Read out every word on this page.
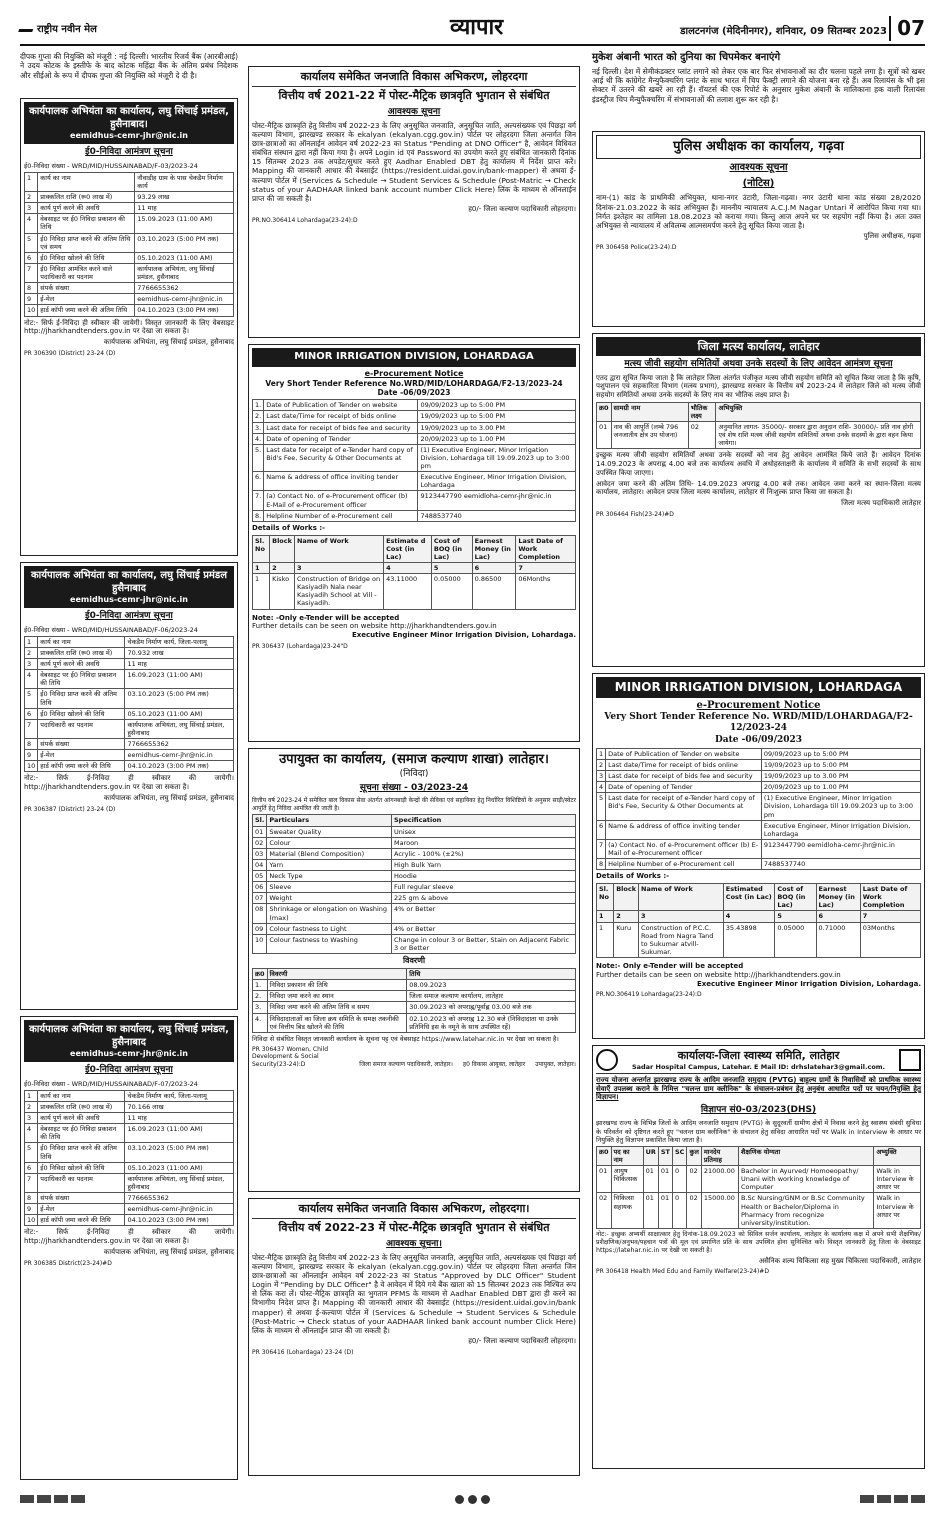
राष्ट्रीय नवीन मेल	व्यापार	डालटनगंज (मेदिनीनगर), शनिवार, 09 सितम्बर 2023 07
दीपक गुप्ता की नियुक्ति को मंजूरी : नई दिल्ली। भारतीय रिजर्व बैंक (आरबीआई) ने उदय कोटक के इस्तीफे के बाद कोटक महिंद्रा बैंक के अंतिम प्रबंध निदेशक और सीईओ के रूप में दीपक गुप्ता की नियुक्ति को मंजूरी दे दी है।
कार्यपालक अभियंता का कार्यालय, लघु सिंचाई प्रमंडल, हुसैनाबाद।
eemidhus-cemr-jhr@nic.in
ई0-निविदा आमंत्रण सूचना
ई0-निविदा संख्या - WRD/MID/HUSSAINABAD/F-03/2023-24
1	कार्य का नाम	नौवाडीह ग्राम के पास चेकडैम निर्माण कार्य
2	प्राक्कलित राशि (रू0 लाख में)	93.29 लाख
3	कार्य पूर्ण करने की अवधि	11 माह
4	वेबसाइट पर ई0 निविदा प्रकाशन की तिथि	15.09.2023 (11:00 AM)
5	ई0 निविदा प्राप्त करने की अंतिम तिथि एवं समय	03.10.2023 (5:00 PM तक)
6	ई0 निविदा खोलने की तिथि	05.10.2023 (11:00 AM)
7	ई0 निविदा आमंत्रित करने वाले पदाधिकारी का पदनाम	कार्यपालक अभियंता, लघु सिंचाई प्रमंडल, हुसैनाबाद
8	संपर्क संख्या	7766655362
9	ई-मेल	eemidhus-cemr-jhr@nic.in
10	हार्ड कॉपी जमा करने की अंतिम तिथि	04.10.2023 (3:00 PM तक)
नोट:- सिर्फ ई-निविदा ही स्वीकार की जायेगी। विस्तृत जानकारी के लिए वेबसाइट http://jharkhandtenders.gov.in पर देखा जा सकता है।
कार्यपालक अभियंता, लघु सिंचाई प्रमंडल, हुसैनाबाद
PR 306390 (District) 23-24 (D)
कार्यपालक अभियंता का कार्यालय, लघु सिंचाई प्रमंडल हुसैनाबाद
eemidhus-cemr-jhr@nic.in
ई0-निविदा आमंत्रण सूचना
ई0-निविदा संख्या - WRD/MID/HUSSAINABAD/F-06/2023-24
1	कार्य का नाम	चेकडैम निर्माण कार्य, जिला-पलामू
2	प्राक्कलित राशि (रू0 लाख में)	70.932 लाख
3	कार्य पूर्ण करने की अवधि	11 माह
4	वेबसाइट पर ई0 निविदा प्रकाशन की तिथि	16.09.2023 (11:00 AM)
5	ई0 निविदा प्राप्त करने की अंतिम तिथि	03.10.2023 (5:00 PM तक)
6	ई0 निविदा खोलने की तिथि	05.10.2023 (11:00 AM)
7	पदाधिकारी का पदनाम	कार्यपालक अभियंता, लघु सिंचाई प्रमंडल, हुसैनाबाद
8	संपर्क संख्या	7766655362
9	ई-मेल	eemidhus-cemr-jhr@nic.in
10	हार्ड कॉपी जमा करने की तिथि	04.10.2023 (3:00 PM तक)
नोट:- सिर्फ ई-निविदा ही स्वीकार की जायेगी। http://jharkhandtenders.gov.in पर देखा जा सकता है।
कार्यपालक अभियंता, लघु सिंचाई प्रमंडल, हुसैनाबाद
PR 306387 (District) 23-24 (D)
कार्यपालक अभियंता का कार्यालय, लघु सिंचाई प्रमंडल, हुसैनाबाद
eemidhus-cemr-jhr@nic.in
ई0-निविदा आमंत्रण सूचना
ई0-निविदा संख्या - WRD/MID/HUSSAINABAD/F-07/2023-24
1	कार्य का नाम	चेकडैम निर्माण कार्य, जिला-पलामू
2	प्राक्कलित राशि (रू0 लाख में)	70.166 लाख
3	कार्य पूर्ण करने की अवधि	11 माह
4	वेबसाइट पर ई0 निविदा प्रकाशन की तिथि	16.09.2023 (11:00 AM)
5	ई0 निविदा प्राप्त करने की अंतिम तिथि	03.10.2023 (5:00 PM तक)
6	ई0 निविदा खोलने की तिथि	05.10.2023 (11:00 AM)
7	पदाधिकारी का पदनाम	कार्यपालक अभियंता, लघु सिंचाई प्रमंडल, हुसैनाबाद
8	संपर्क संख्या	7766655362
9	ई-मेल	eemidhus-cemr-jhr@nic.in
10	हार्ड कॉपी जमा करने की तिथि	04.10.2023 (3:00 PM तक)
नोट:- सिर्फ ई-निविदा ही स्वीकार की जायेगी। http://jharkhandtenders.gov.in पर देखा जा सकता है।
कार्यपालक अभियंता, लघु सिंचाई प्रमंडल, हुसैनाबाद
PR 306385 District(23-24)#D
कार्यालय समेकित जनजाति विकास अभिकरण, लोहरदगा
वित्तीय वर्ष 2021-22 में पोस्ट-मैट्रिक छात्रवृति भुगतान से संबंधित
आवश्यक सूचना
पोस्ट-मैट्रिक छात्रवृति हेतु वित्तीय वर्ष 2022-23 के लिए अनुसूचित जनजाति, अनुसूचित जाति, अल्पसंख्यक एवं पिछड़ा वर्ग कल्याण विभाग, झारखण्ड सरकार के ekalyan (ekalyan.cgg.gov.in) पोर्टल पर लोहरदगा जिला अन्तर्गत जिन छात्र-छात्राओं का ऑनलाईन आवेदन वर्ष 2022-23 का Status "Pending at DNO Officer" है, आवेदन विधिवत संबंधित संस्थान द्वारा नहीं किया गया है। अपने Login id एवं Password का उपयोग करते हुए संबंधित जानकारी दिनांक 15 सितम्बर 2023 तक अपडेट/सुधार करते हुए Aadhar Enabled DBT हेतु कार्यालय में निर्देश प्राप्त करें। Mapping की जानकारी आधार की वेबसाईट (https://resident.uidai.gov.in/bank-mapper) से अथवा ई-कल्याण पोर्टल में (Services & Schedule → Student Services & Schedule (Post-Matric → Check status of your AADHAAR linked bank account number Click Here) लिंक के माध्यम से ऑनलाईन प्राप्त की जा सकती है।
ह0/- जिला कल्याण पदाधिकारी लोहरदगा।
PR.NO.306414 Lohardaga(23-24):D
MINOR IRRIGATION DIVISION, LOHARDAGA
e-Procurement Notice
Very Short Tender Reference No.WRD/MID/LOHARDAGA/F2-13/2023-24
Date -06/09/2023
1.	Date of Publication of Tender on website	09/09/2023 up to 5:00 PM
2.	Last date/Time for receipt of bids online	19/09/2023 up to 5:00 PM
3.	Last date for receipt of bids fee and security	19/09/2023 up to 3.00 PM
4.	Date of opening of Tender	20/09/2023 up to 1.00 PM
5.	Last date for receipt of e-Tender hard copy of Bid's Fee, Security & Other Documents at	(1) Executive Engineer, Minor Irrigation Division, Lohardaga till 19.09.2023 up to 3:00 pm
6.	Name & address of office inviting tender	Executive Engineer, Minor Irrigation Division, Lohardaga
7.	(a) Contact No. of e-Procurement officer (b) E-Mail of e-Procurement officer	9123447790 eemidloha-cemr-jhr@nic.in
8.	Helpline Number of e-Procurement cell	7488537740
Details of Works :-
Sl. No	Block	Name of Work	Estimate d Cost (in Lac)	Cost of BOQ (in Lac)	Earnest Money (in Lac)	Last Date of Work Completion
1	2	3	4	5	6	7
1	Kisko	Construction of Bridge on Kasiyadih Nala near Kasiyadih School at Vill - Kasiyadih.	43.11000	0.05000	0.86500	06Months
Note: -Only e-Tender will be accepted
Further details can be seen on website http://jharkhandtenders.gov.in
Executive Engineer Minor Irrigation Division, Lohardaga.
PR 306437 (Lohardaga)23-24"D
उपायुक्त का कार्यालय, (समाज कल्याण शाखा) लातेहार।
(निविदा)
सूचना संख्या - 03/2023-24
वित्तीय वर्ष 2023-24 में समेकित बाल विकास सेवा अंतर्गत आंगनबाड़ी केन्द्रों की सेविका एवं सहायिका हेतु निर्धारित विशिष्टियों के अनुसार साड़ी/स्वेटर आपूर्ति हेतु निविदा आमंत्रित की जाती है।
Sl.	Particulars	Specification
01	Sweater Quality	Unisex
02	Colour	Maroon
03	Material (Blend Composition)	Acrylic - 100% (±2%)
04	Yarn	High Bulk Yarn
05	Neck Type	Hoodie
06	Sleeve	Full regular sleeve
07	Weight	225 gm & above
08	Shrinkage or elongation on Washing (max)	4% or Better
09	Colour fastness to Light	4% or Better
10	Colour fastness to Washing	Change in colour 3 or Better, Stain on Adjacent Fabric 3 or Better
विवरणी
क्र0	विवरणी	तिथि
1.	निविदा प्रकाशन की तिथि	08.09.2023
2.	निविदा जमा करने का स्थान	जिला समाज कल्याण कार्यालय, लातेहार
3.	निविदा जमा करने की अंतिम तिथि व समय	30.09.2023 को अपराह्न/पूर्वाह्न 03.00 बजे तक
4.	निविदादाताओं का जिला क्रय समिति के समक्ष तकनीकी एवं वित्तीय बिड खोलने की तिथि	02.10.2023 को अपराह्न 12.30 बजे (निविदादाता या उनके प्रतिनिधि इस के नमूने के साथ उपस्थित रहें)
निविदा से संबंधित विस्तृत जानकारी कार्यालय के सूचना पट्ट एवं वेबसाइट https://www.latehar.nic.in पर देखा जा सकता है।
PR 306437 Women, Child Development & Social Security(23-24):D	जिला समाज कल्याण पदाधिकारी, लातेहार। ह0 विकास आयुक्त, लातेहार उपायुक्त, लातेहार।
कार्यालय समेकित जनजाति विकास अभिकरण, लोहरदगा।
वित्तीय वर्ष 2022-23 में पोस्ट-मैट्रिक छात्रवृति भुगतान से संबंधित
आवश्यक सूचना।
पोस्ट-मैट्रिक छात्रवृति हेतु वित्तीय वर्ष 2022-23 के लिए अनुसूचित जनजाति, अनुसूचित जाति, अल्पसंख्यक एवं पिछड़ा वर्ग कल्याण विभाग, झारखण्ड सरकार के ekalyan (ekalyan.cgg.gov.in) पोर्टल पर लोहरदगा जिला अन्तर्गत जिन छात्र-छात्राओं का ऑनलाईन आवेदन वर्ष 2022-23 का Status "Approved by DLC Officer" Student Login में "Pending by DLC Officer" है वे आवेदन में दिये गये बैंक खाता को 15 सितम्बर 2023 तक निश्चित रूप से लिंक करा लें। पोस्ट-मैट्रिक छात्रवृति का भुगतान PFMS के माध्यम से Aadhar Enabled DBT द्वारा ही करने का विभागीय निदेश प्राप्त है। Mapping की जानकारी आधार की वेबसाईट (https://resident.uidai.gov.in/bank mapper) से अथवा ई-कल्याण पोर्टल में (Services & Schedule → Student Services & Schedule (Post-Matric → Check status of your AADHAAR linked bank account number Click Here) लिंक के माध्यम से ऑनलाईन प्राप्त की जा सकती है।
ह0/- जिला कल्याण पदाधिकारी लोहरदगा।
PR 306416 (Lohardaga) 23-24 (D)
मुकेश अंबानी भारत को दुनिया का चिपमेकर बनाएंगे
नई दिल्ली। देश में सेमीकंडक्टर प्लांट लगाने को लेकर एक बार फिर संभावनाओं का दौर चलना पहले लगा है। सूत्रों को खबर आई थी कि कांग्रेगेट मैन्युफैक्चरिंग प्लांट के साथ भारत में चिप फैक्ट्री लगाने की योजना बना रहे हैं। अब रिलायंस के भी इस सेक्टर में उतरने की खबरें आ रही हैं। रॉयटर्स की एक रिपोर्ट के अनुसार मुकेश अंबानी के मालिकाना हक वाली रिलायंस इंडस्ट्रीज चिप मैन्युफैक्चरिंग में संभावनाओं की तलाश शुरू कर रही है।
पुलिस अधीक्षक का कार्यालय, गढ़वा
आवश्यक सूचना
(नोटिस)
नाम-(1) कांड के प्राथमिकी अभियुक्त, थाना-नगर उंटारी, जिला-गढ़वा। नगर उंटारी थाना कांड संख्या 28/2020 दिनांक-21.03.2022 के कांड अभियुक्त हैं। माननीय न्यायालय A.C.J.M Nagar Untari में आरोपित किया गया था। निर्गत इश्तेहार का तामिला 18.08.2023 को कराया गया। किन्तु आज अपने घर पर सहयोग नहीं किया है। अतः उक्त अभियुक्त से न्यायालय में अविलम्ब आत्मसमर्पण करने हेतु सूचित किया जाता है।
पुलिस अधीक्षक, गढ़वा
PR 306458 Police(23-24).D
जिला मत्स्य कार्यालय, लातेहार
मत्स्य जीवी सहयोग समितियों अथवा उनके सदस्यों के लिए आवेदन आमंत्रण सूचना
एतद द्वारा सूचित किया जाता है कि लातेहार जिला अंतर्गत पंजीकृत मत्स्य जीवी सहयोग समिति को सूचित किया जाता है कि कृषि, पशुपालन एवं सहकारिता विभाग (मत्स्य प्रभाग), झारखण्ड सरकार के वित्तीय वर्ष 2023-24 में लातेहार जिले को मत्स्य जीवी सहयोग समितियों अथवा उनके सदस्यों के लिए नाव का भौतिक लक्ष्य प्राप्त है।
क्र0	सामग्री नाम	भौतिक लक्ष्य	अभियुक्ति
01	नाव की आपूर्ति (लम्बे 796 जनजातीय क्षेत्र उप योजना)	02	अनुमानित लागत- 35000/- सरकार द्वारा अनुदान राशि- 30000/- प्रति नाव होगी एवं शेष राशि मत्स्य जीवी सहयोग समितियों अथवा उनके सदस्यों के द्वारा वहन किया जायेगा।
इच्छुक मत्स्य जीवी सहयोग समितियाँ अथवा उनके सदस्यों को नाव हेतु आवेदन आमंत्रित किये जाते हैं। आवेदन दिनांक 14.09.2023 के अपराह्न 4.00 बजे तक कार्यालय अवधि में अधोहस्ताक्षरी के कार्यालय में समिति के सभी सदस्यों के साथ उपस्थित किया जाएगा।
आवेदन जमा करने की अंतिम तिथि- 14.09.2023 अपराह्न 4.00 बजे तक। आवेदन जमा करने का स्थान-जिला मत्स्य कार्यालय, लातेहार। आवेदन प्रपत्र जिला मत्स्य कार्यालय, लातेहार से निःशुल्क प्राप्त किया जा सकता है।
जिला मत्स्य पदाधिकारी लातेहार
PR 306464 Fish(23-24)#D
MINOR IRRIGATION DIVISION, LOHARDAGA
e-Procurement Notice
Very Short Tender Reference No. WRD/MID/LOHARDAGA/F2-12/2023-24
Date -06/09/2023
1	Date of Publication of Tender on website	09/09/2023 up to 5:00 PM
2	Last date/Time for receipt of bids online	19/09/2023 up to 5:00 PM
3	Last date for receipt of bids fee and security	19/09/2023 up to 3.00 PM
4	Date of opening of Tender	20/09/2023 up to 1.00 PM
5	Last date for receipt of e-Tender hard copy of Bid's Fee, Security & Other Documents at	(1) Executive Engineer, Minor Irrigation Division, Lohardaga till 19.09.2023 up to 3:00 pm
6	Name & address of office inviting tender	Executive Engineer, Minor Irrigation Division, Lohardaga
7	(a) Contact No. of e-Procurement officer (b) E-Mail of e-Procurement officer	9123447790 eemidloha-cemr-jhr@nic.in
8	Helpline Number of e-Procurement cell	7488537740
Details of Works :-
Sl. No	Block	Name of Work	Estimated Cost (in Lac)	Cost of BOQ (in Lac)	Earnest Money (in Lac)	Last Date of Work Completion
1	2	3	4	5	6	7
1	Kuru	Construction of P.C.C. Road from Nagra Tand to Sukumar atvill-Sukumar.	35.43898	0.05000	0.71000	03Months
Note:- Only e-Tender will be accepted
Further details can be seen on website http://jharkhandtenders.gov.in
Executive Engineer Minor Irrigation Division, Lohardaga.
PR.NO.306419 Lohardaga(23-24):D
कार्यालयः-जिला स्वास्थ्य समिति, लातेहार
Sadar Hospital Campus, Latehar. E Mail ID: drhslatehar3@gmail.com.
राज्य योजना अन्तर्गत झारखण्ड राज्य के आदिम जनजाति समुदाय (PVTG) बाहुल्य ग्रामों के निवासियों को प्राथमिक स्वास्थ्य सेवाएँ उपलब्ध कराने के निमित्त "चलन्त ग्राम क्लीनिक" के संचालन-प्रबंधन हेतु अनुबंध आधारित पदों पर चयन/नियुक्ति हेतु विज्ञापन।
विज्ञापन सं0-03/2023(DHS)
झारखण्ड राज्य के विभिन्न जिलों के आदिम जनजाति समुदाय (PVTG) के सुदूरवर्ती ग्रामीण क्षेत्रों में निवास करने हेतु स्वास्थ्य संबंधी सुविधा के परिवर्तन को दृष्टिगत करते हुए "चलन्त ग्राम क्लीनिक" के संचालन हेतु संविदा आधारित पदों पर Walk in Interview के आधार पर नियुक्ति हेतु विज्ञापन प्रकाशित किया जाता है।
क्र0	पद का नाम	UR	ST	SC	कुल	मानदेय प्रतिमाह	शैक्षणिक योग्यता	अभ्युक्ति
01	आयुष चिकित्सक	01	01	0	02	21000.00	Bachelor in Ayurved/ Homoeopathy/ Unani with working knowledge of Computer	Walk in Interview के आधार पर
02	चिकित्सा सहायक	01	01	0	02	15000.00	B.Sc Nursing/GNM or B.Sc Community Health or Bachelor/Diploma in Pharmacy from recognize university/institution.	Walk in Interview के आधार पर
नोट:- इच्छुक अभ्यर्थी साक्षात्कार हेतु दिनांक-18.09.2023 को सिविल सर्जन कार्यालय, लातेहार के कार्यालय कक्ष में अपने सभी शैक्षणिक/प्रशैक्षणिक/अनुभव/पहचान पत्रों की मूल एवं प्रमाणित प्रति के साथ उपस्थित होना सुनिश्चित करें। विस्तृत जानकारी हेतु जिला के वेबसाइट https://latehar.nic.in पर देखी जा सकती है।
असैनिक शल्य चिकित्सा सह मुख्य चिकित्सा पदाधिकारी, लातेहार
PR 306418 Health Med Edu and Family Welfare(23-24)#D
